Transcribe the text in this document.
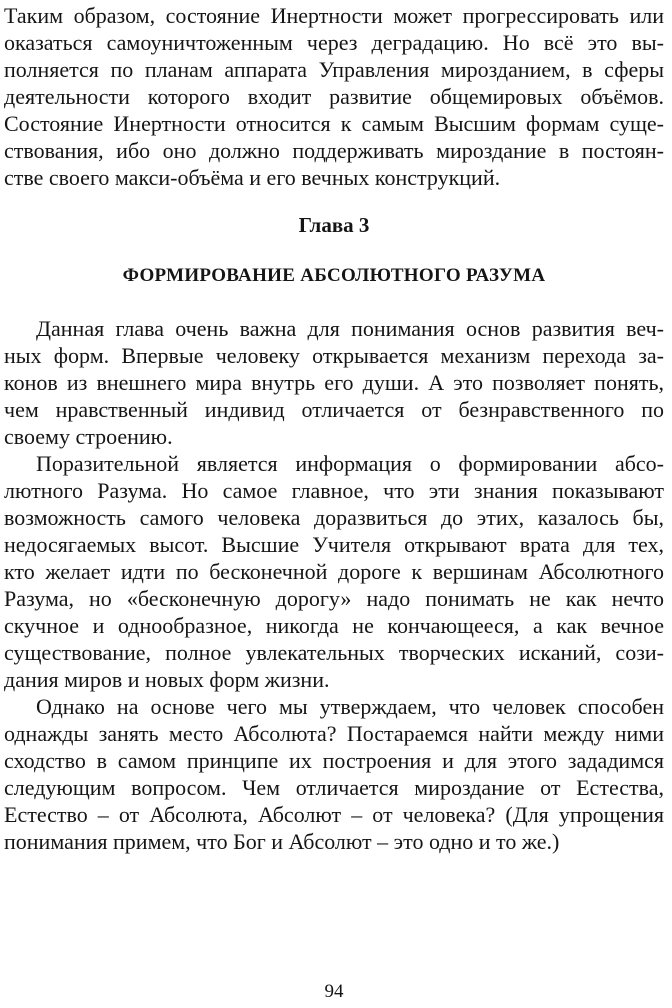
Таким образом, состояние Инертности может прогрессировать или
оказаться самоуничтоженным через деградацию. Но всё это вы-
полняется по планам аппарата Управления мирозданием, в сферы
деятельности которого входит развитие общемировых объёмов.
Состояние Инертности относится к самым Высшим формам суще-
ствования, ибо оно должно поддерживать мироздание в постоян-
стве своего макси-объёма и его вечных конструкций.
Глава 3
ФОРМИРОВАНИЕ АБСОЛЮТНОГО РАЗУМА
Данная глава очень важна для понимания основ развития веч-
ных форм. Впервые человеку открывается механизм перехода за-
конов из внешнего мира внутрь его души. А это позволяет понять,
чем нравственный индивид отличается от безнравственного по
своему строению.
Поразительной является информация о формировании абсо-
лютного Разума. Но самое главное, что эти знания показывают
возможность самого человека доразвиться до этих, казалось бы,
недосягаемых высот. Высшие Учителя открывают врата для тех,
кто желает идти по бесконечной дороге к вершинам Абсолютного
Разума, но «бесконечную дорогу» надо понимать не как нечто
скучное и однообразное, никогда не кончающееся, а как вечное
существование, полное увлекательных творческих исканий, сози-
дания миров и новых форм жизни.
Однако на основе чего мы утверждаем, что человек способен
однажды занять место Абсолюта? Постараемся найти между ними
сходство в самом принципе их построения и для этого зададимся
следующим вопросом. Чем отличается мироздание от Естества,
Естество – от Абсолюта, Абсолют – от человека? (Для упрощения
понимания примем, что Бог и Абсолют – это одно и то же.)
94
